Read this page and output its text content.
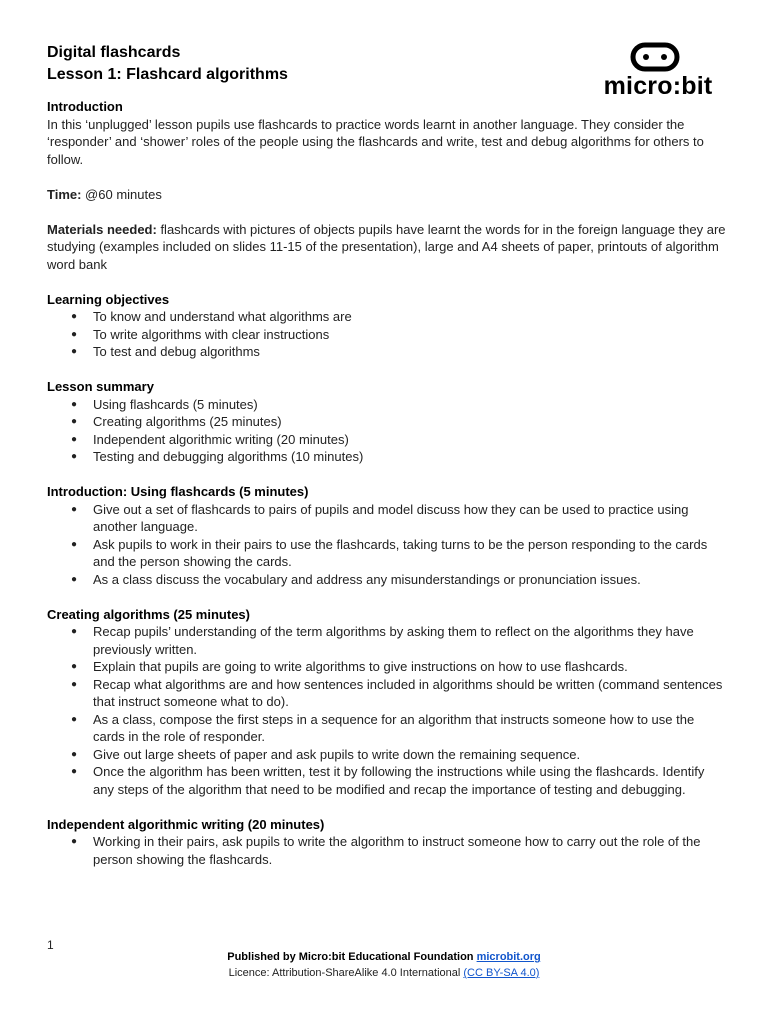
micro:bit
Digital flashcards
Lesson 1: Flashcard algorithms
Introduction

In this ‘unplugged’ lesson pupils use flashcards to practice words learnt in another language. They consider the ‘responder’ and ‘shower’ roles of the people using the flashcards and write, test and debug algorithms for others to follow.

Time: @60 minutes

Materials needed: flashcards with pictures of objects pupils have learnt the words for in the foreign language they are studying (examples included on slides 11-15 of the presentation), large and A4 sheets of paper, printouts of algorithm word bank

Learning objectives
● To know and understand what algorithms are
● To write algorithms with clear instructions
● To test and debug algorithms
Lesson summary
● Using flashcards (5 minutes)
● Creating algorithms (25 minutes)
● Independent algorithmic writing (20 minutes)
● Testing and debugging algorithms (10 minutes)
Introduction: Using flashcards (5 minutes)
● Give out a set of flashcards to pairs of pupils and model discuss how they can be used to practice using another language.
● Ask pupils to work in their pairs to use the flashcards, taking turns to be the person responding to the cards and the person showing the cards.
● As a class discuss the vocabulary and address any misunderstandings or pronunciation issues.
Creating algorithms (25 minutes)
● Recap pupils’ understanding of the term algorithms by asking them to reflect on the algorithms they have previously written.
● Explain that pupils are going to write algorithms to give instructions on how to use flashcards.
● Recap what algorithms are and how sentences included in algorithms should be written (command sentences that instruct someone what to do).
● As a class, compose the first steps in a sequence for an algorithm that instructs someone how to use the cards in the role of responder.
● Give out large sheets of paper and ask pupils to write down the remaining sequence.
● Once the algorithm has been written, test it by following the instructions while using the flashcards. Identify any steps of the algorithm that need to be modified and recap the importance of testing and debugging.
Independent algorithmic writing (20 minutes)
● Working in their pairs, ask pupils to write the algorithm to instruct someone how to carry out the role of the person showing the flashcards.
1
Published by Micro:bit Educational Foundation microbit.org
Licence: Attribution-ShareAlike 4.0 International (CC BY-SA 4.0)
